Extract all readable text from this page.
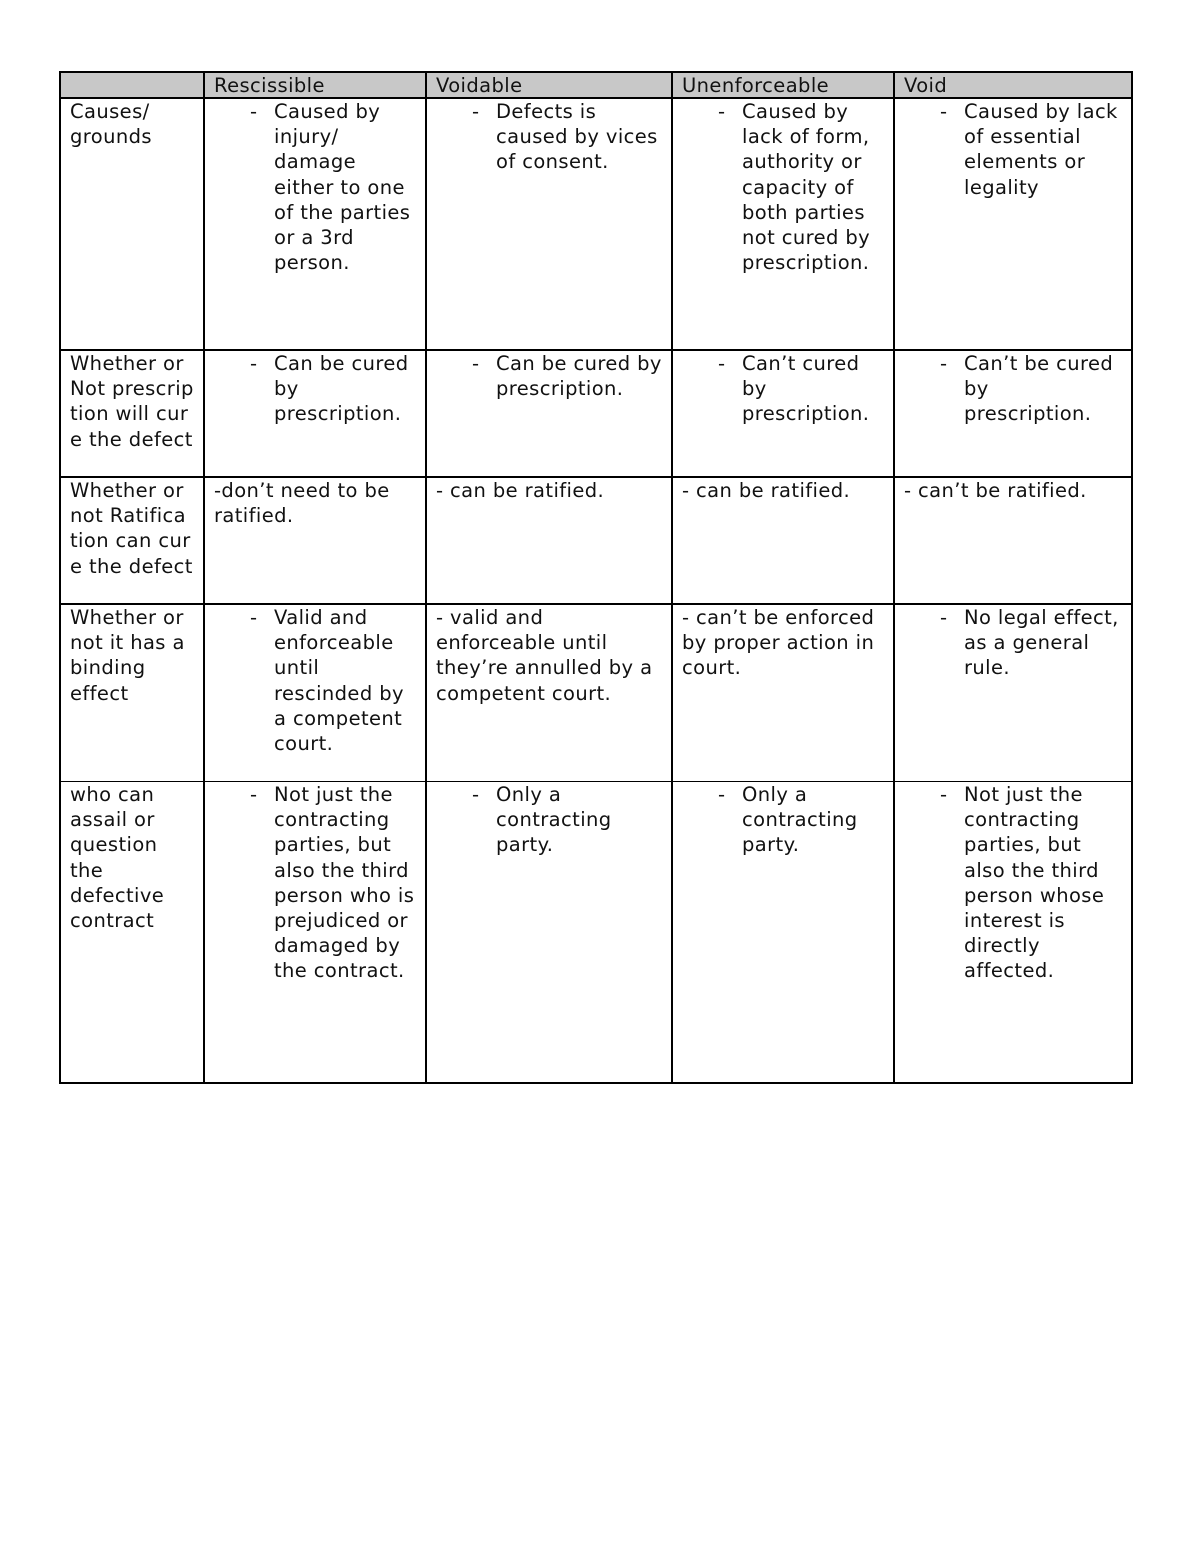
	Rescissible	Voidable	Unenforceable	Void
Causes/ grounds	- Caused by injury/ damage either to one of the parties or a 3rd person.	- Defects is caused by vices of consent.	- Caused by lack of form, authority or capacity of both parties not cured by prescription.	- Caused by lack of essential elements or legality

Whether or Not prescription will cure the defect	- Can be cured by prescription.	- Can be cured by prescription.	- Can’t cured by prescription.	- Can’t be cured by prescription.

Whether or not Ratification can cure the defect	-don’t need to be ratified.	- can be ratified.	- can be ratified.	- can’t be ratified.

Whether or not it has a binding effect	- Valid and enforceable until rescinded by a competent court.	- valid and enforceable until they’re annulled by a competent court.	- can’t be enforced by proper action in court.	- No legal effect, as a general rule.

who can assail or question the defective contract	- Not just the contracting parties, but also the third person who is prejudiced or damaged by the contract.	- Only a contracting party.	- Only a contracting party.	- Not just the contracting parties, but also the third person whose interest is directly affected.
